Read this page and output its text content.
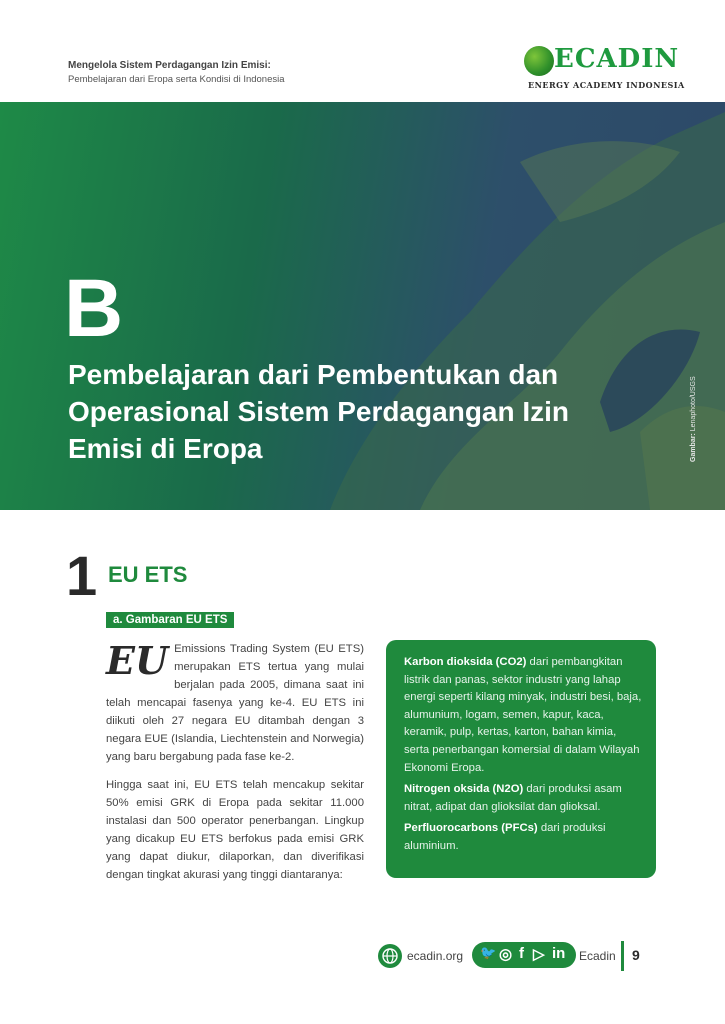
Mengelola Sistem Perdagangan Izin Emisi:
Pembelajaran dari Eropa serta Kondisi di Indonesia
ECADIN
ENERGY ACADEMY INDONESIA
B
Pembelajaran dari Pembentukan dan Operasional Sistem Perdagangan Izin Emisi di Eropa	Gambar: Lenaphoto/USGS
1 EU ETS
a. Gambaran EU ETS
EU Emissions Trading System (EU ETS) merupakan ETS tertua yang mulai berjalan pada 2005, dimana saat ini telah mencapai fasenya yang ke-4. EU ETS ini diikuti oleh 27 negara EU ditambah dengan 3 negara EUE (Islandia, Liechtenstein and Norwegia) yang baru bergabung pada fase ke-2.
Hingga saat ini, EU ETS telah mencakup sekitar 50% emisi GRK di Eropa pada sekitar 11.000 instalasi dan 500 operator penerbangan. Lingkup yang dicakup EU ETS berfokus pada emisi GRK yang dapat diukur, dilaporkan, dan diverifikasi dengan tingkat akurasi yang tinggi diantaranya:

Karbon dioksida (CO2) dari pembangkitan listrik dan panas, sektor industri yang lahap energi seperti kilang minyak, industri besi, baja, alumunium, logam, semen, kapur, kaca, keramik, pulp, kertas, karton, bahan kimia, serta penerbangan komersial di dalam Wilayah Ekonomi Eropa.

Nitrogen oksida (N2O) dari produksi asam nitrat, adipat dan glioksilat dan glioksal.

Perfluorocarbons (PFCs) dari produksi aluminium.

ecadin.org 🐦 ◎ f ▷ in Ecadin 9
